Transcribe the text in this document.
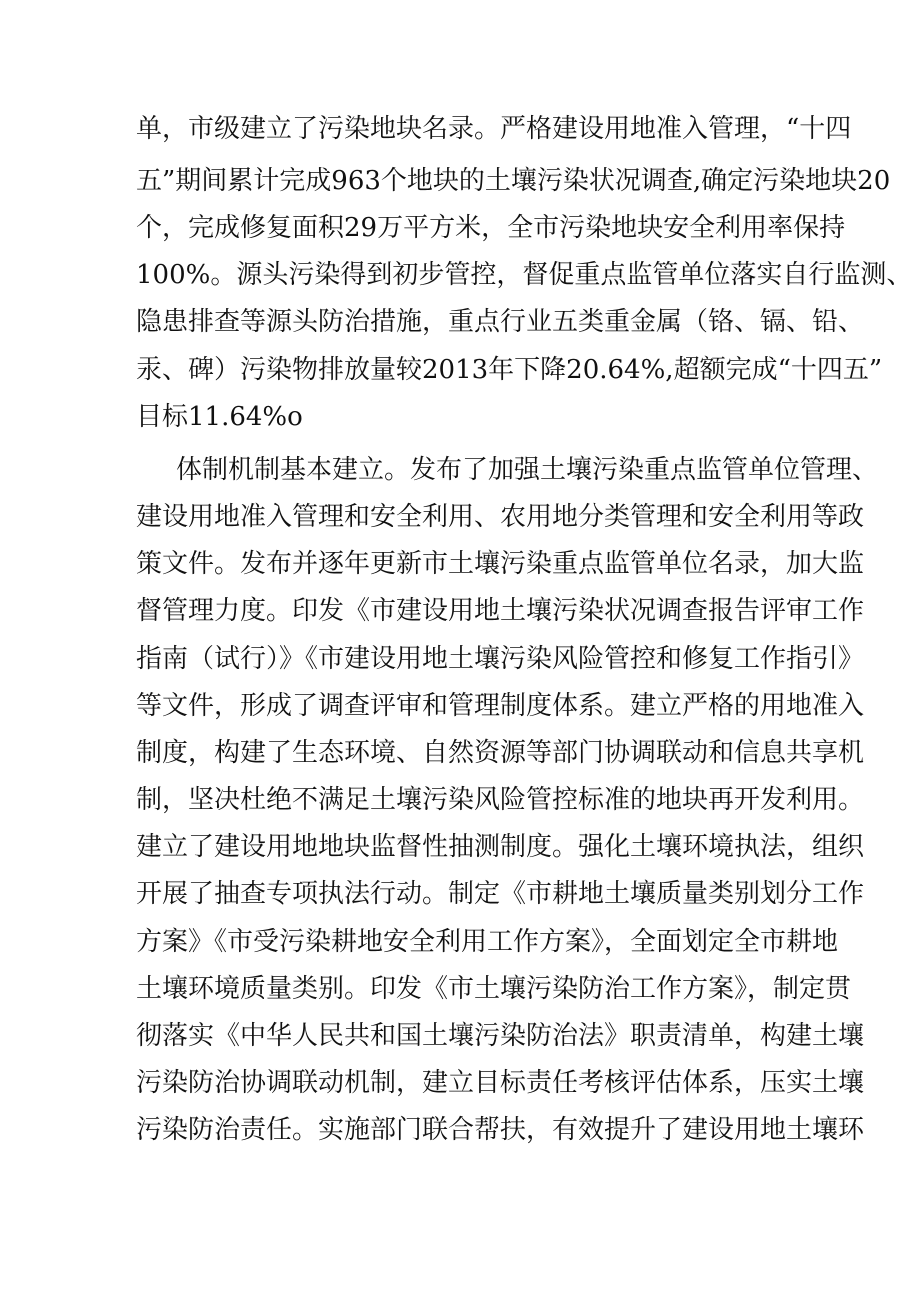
单，市级建立了污染地块名录。严格建设用地准入管理，“十四
五”期间累计完成963个地块的土壤污染状况调查,确定污染地块20
个，完成修复面积29万平方米，全市污染地块安全利用率保持
100%。源头污染得到初步管控，督促重点监管单位落实自行监测、
隐患排查等源头防治措施，重点行业五类重金属（铬、镉、铅、
汞、碑）污染物排放量较2013年下降20.64%,超额完成“十四五”
目标11.64%o
体制机制基本建立。发布了加强土壤污染重点监管单位管理、
建设用地准入管理和安全利用、农用地分类管理和安全利用等政
策文件。发布并逐年更新市土壤污染重点监管单位名录，加大监
督管理力度。印发《市建设用地土壤污染状况调查报告评审工作
指南（试行）》《市建设用地土壤污染风险管控和修复工作指引》
等文件，形成了调查评审和管理制度体系。建立严格的用地准入
制度，构建了生态环境、自然资源等部门协调联动和信息共享机
制，坚决杜绝不满足土壤污染风险管控标准的地块再开发利用。
建立了建设用地地块监督性抽测制度。强化土壤环境执法，组织
开展了抽查专项执法行动。制定《市耕地土壤质量类别划分工作
方案》《市受污染耕地安全利用工作方案》，全面划定全市耕地
土壤环境质量类别。印发《市土壤污染防治工作方案》，制定贯
彻落实《中华人民共和国土壤污染防治法》职责清单，构建土壤
污染防治协调联动机制，建立目标责任考核评估体系，压实土壤
污染防治责任。实施部门联合帮扶，有效提升了建设用地土壤环
